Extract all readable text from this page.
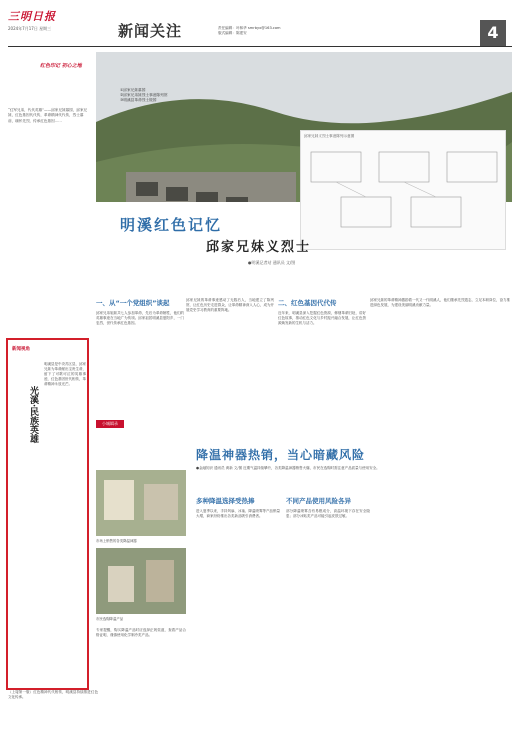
三明日报
2024年7月17日 星期三	新闻关注	责任编辑：叶林华 smrbyx@163.com
版式编辑：陈建安	4
红色印记 初心之地
①邱家兄妹墓园
②邱家兄弟妹烈士事迹陈列馆
③明溪县革命烈士陵园
“红军兄弟，代代英雄”——邱家兄妹墓园，邱家兄妹，红色基因代代传，革命精神代代传，烈士墓前，缅怀先烈，传承红色基因……
邱家兄妹义烈士事迹陈列示意图
明溪红色记忆
邱家兄妹义烈士
●明溪记者站 通讯员 文/图
新闻视角
光溪·民族英雄
明溪县是中央苏区县，邱家兄妹为革命献出宝贵生命，留下了可歌可泣的英雄事迹，红色基因世代相传，革命精神永放光芒。
一、从“一个党组织”谈起
邱家兄弟姐妹共七人参加革命，先后为革命牺牲，他们的英雄事迹在当地广为传颂。邱家祖居明溪县夏阳乡，一门忠烈，世代传承红色基因。
邱家兄妹的革命事迹感动了无数后人，当地建立了陈列馆，让红色历史走进群众，让革命精神深入人心，成为开展党史学习教育的重要阵地。
二、红色基因代代传
近年来，明溪县深入挖掘红色资源，修缮革命旧址，讲好红色故事，推动红色文化与乡村振兴融合发展，让红色资源焕发新的生机与活力。
邱家兄妹的革命精神激励着一代又一代明溪人，他们继承先烈遗志，立足本职岗位，奋力推进绿色发展，为建设美丽明溪贡献力量。
小城辑录
降温神器热销，当心暗藏风险
●金融知识 通讯员 黄新 文/图 近期气温持续攀升，各类降温神器销售火爆，市民在选购时需注意产品质量与使用安全。
市场上销售的各类降温神器
市民选购降温产品
专家提醒，购买降温产品时应选择正规渠道，查看产品合格证明，谨慎使用化学制冷类产品。
多种降温选择受热捧
进入夏季以来，手持风扇、冰袖、降温喷雾等产品销量大增，商家纷纷推出各类新品吸引消费者。
不同产品使用风险各异
部分降温喷雾含有易燃成分，高温环境下存在安全隐患；部分冰贴类产品可能引起皮肤过敏。
（上接第一版）红色精神代代相传，明溪县持续推进红色文化传承。
